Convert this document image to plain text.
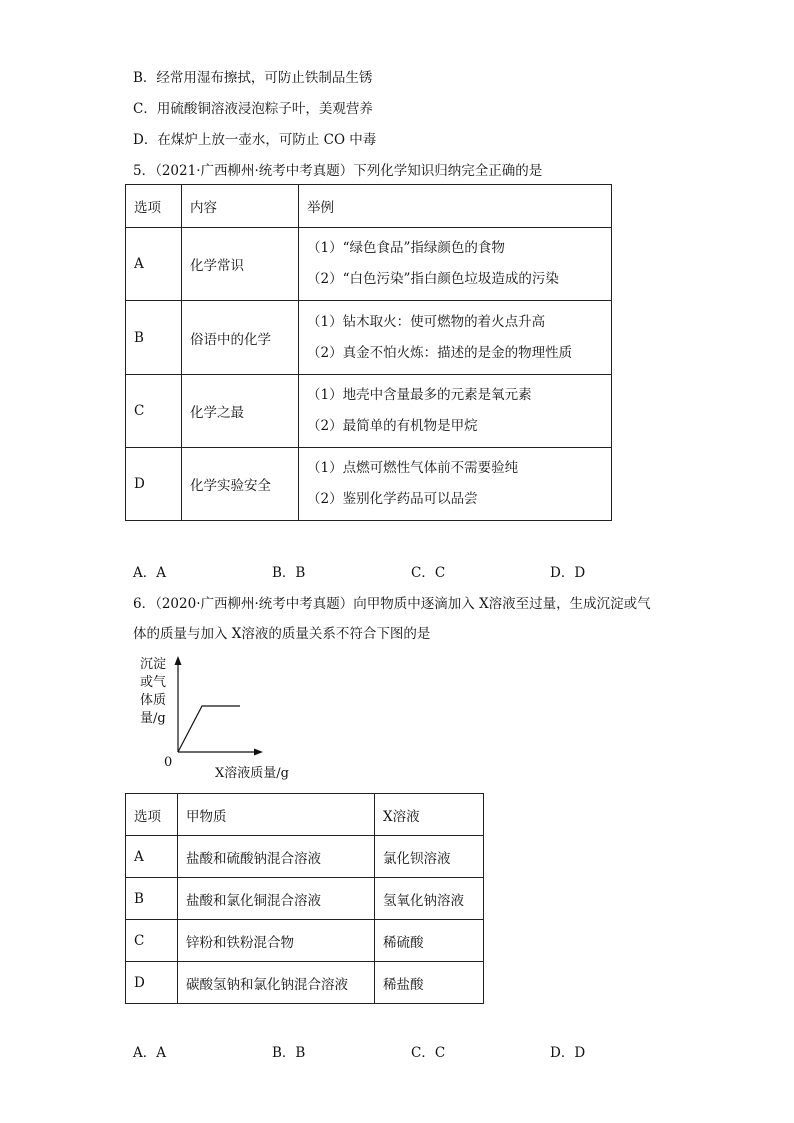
B．经常用湿布擦拭，可防止铁制品生锈
C．用硫酸铜溶液浸泡粽子叶，美观营养
D．在煤炉上放一壶水，可防止 CO 中毒
5．（2021·广西柳州·统考中考真题）下列化学知识归纳完全正确的是
选项	内容	举例
A	化学常识	（1）“绿色食品”指绿颜色的食物

（2）“白色污染”指白颜色垃圾造成的污染

B	俗语中的化学	（1）钻木取火：使可燃物的着火点升高

（2）真金不怕火炼：描述的是金的物理性质

C	化学之最	（1）地壳中含量最多的元素是氧元素

（2）最简单的有机物是甲烷

D	化学实验安全	（1）点燃可燃性气体前不需要验纯

（2）鉴别化学药品可以品尝

A．A	B．B	C．C	D．D
6．（2020·广西柳州·统考中考真题）向甲物质中逐滴加入 X溶液至过量，生成沉淀或气
体的质量与加入 X溶液的质量关系不符合下图的是
沉淀
或气
体质
量/g
0
X溶液质量/g
选项	甲物质	X溶液
A	盐酸和硫酸钠混合溶液	氯化钡溶液
B	盐酸和氯化铜混合溶液	氢氧化钠溶液
C	锌粉和铁粉混合物	稀硫酸
D	碳酸氢钠和氯化钠混合溶液	稀盐酸
A．A	B．B	C．C	D．D
